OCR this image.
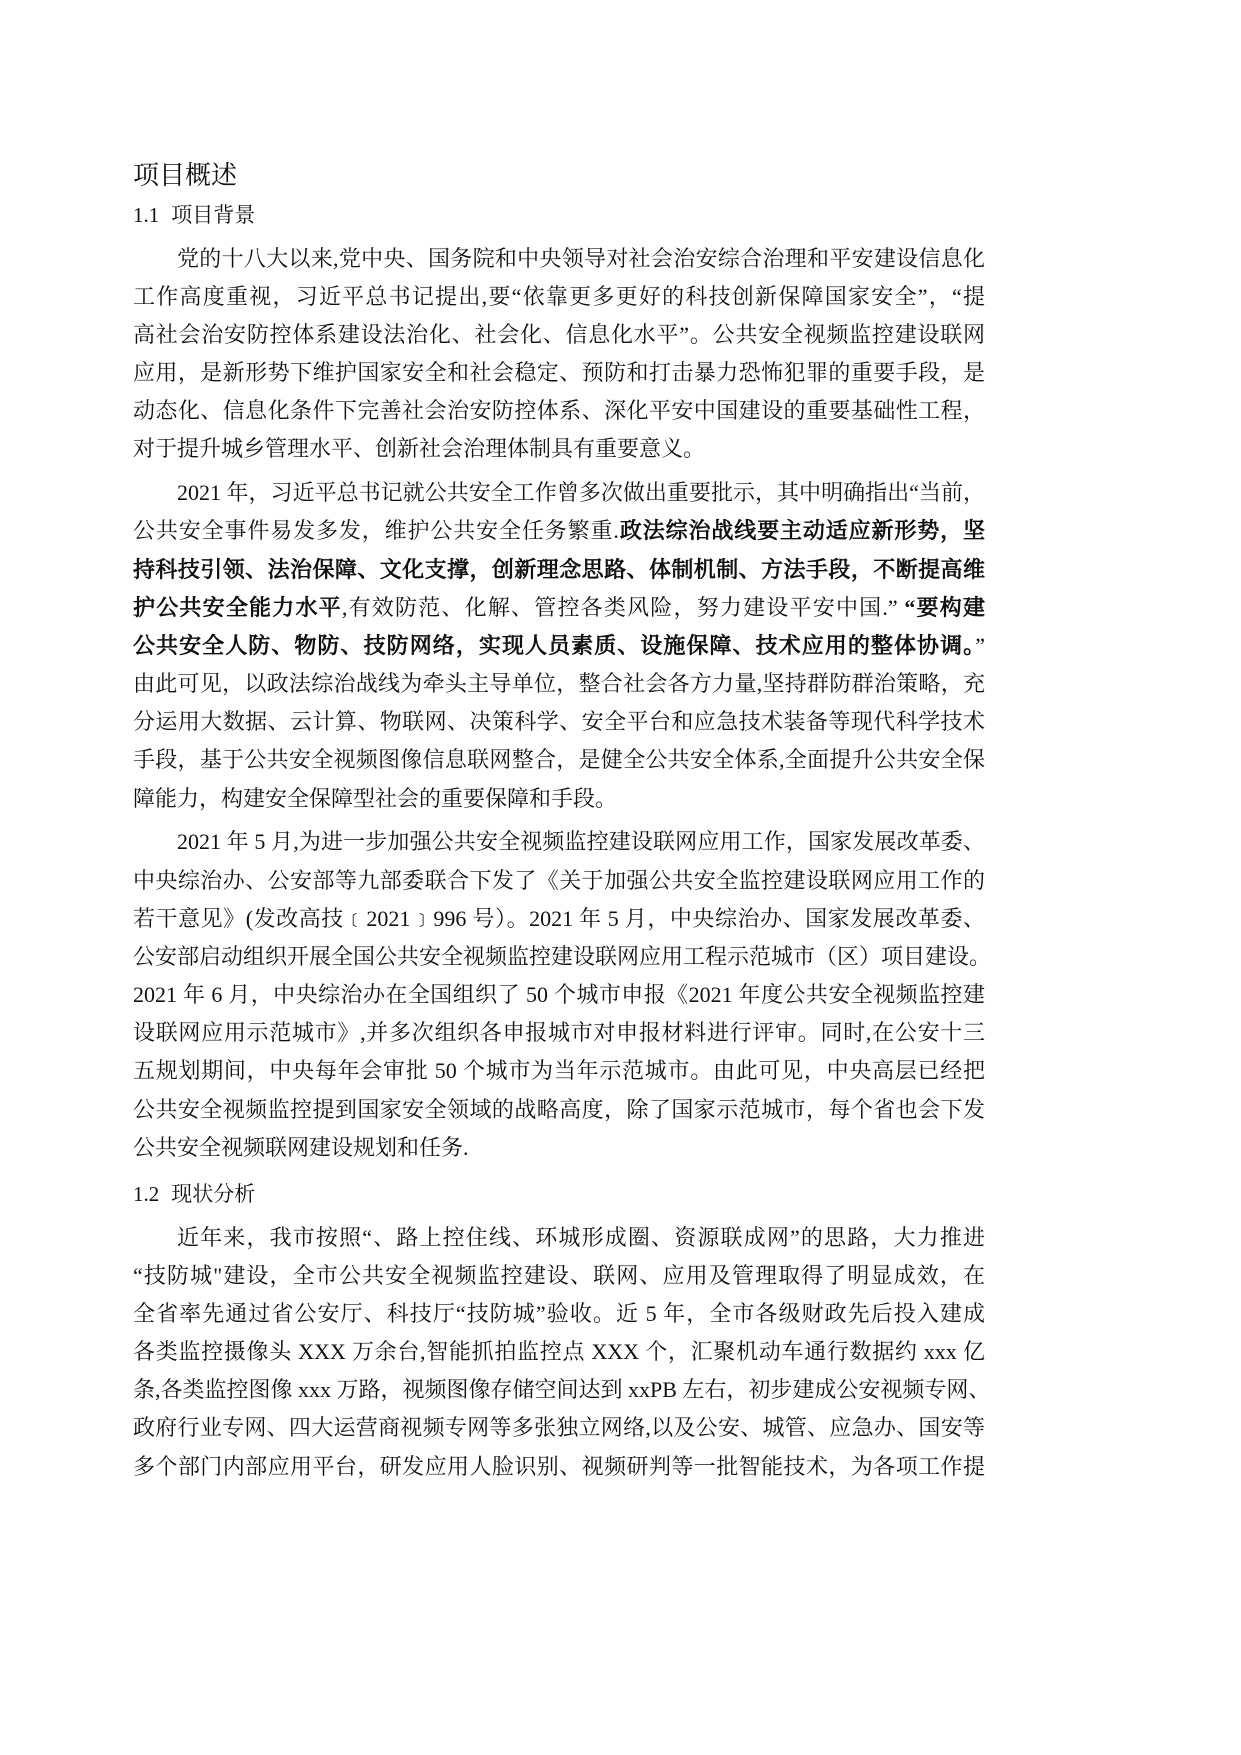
项目概述
1.1 项目背景
党的十八大以来,党中央、国务院和中央领导对社会治安综合治理和平安建设信息化
工作高度重视，习近平总书记提出,要“依靠更多更好的科技创新保障国家安全”，“提
高社会治安防控体系建设法治化、社会化、信息化水平”。公共安全视频监控建设联网
应用，是新形势下维护国家安全和社会稳定、预防和打击暴力恐怖犯罪的重要手段，是
动态化、信息化条件下完善社会治安防控体系、深化平安中国建设的重要基础性工程，
对于提升城乡管理水平、创新社会治理体制具有重要意义。
2021 年，习近平总书记就公共安全工作曾多次做出重要批示，其中明确指出“当前，
公共安全事件易发多发，维护公共安全任务繁重.政法综治战线要主动适应新形势，坚
持科技引领、法治保障、文化支撑，创新理念思路、体制机制、方法手段，不断提高维
护公共安全能力水平,有效防范、化解、管控各类风险，努力建设平安中国.” “要构建
公共安全人防、物防、技防网络，实现人员素质、设施保障、技术应用的整体协调。”
由此可见，以政法综治战线为牵头主导单位，整合社会各方力量,坚持群防群治策略，充
分运用大数据、云计算、物联网、决策科学、安全平台和应急技术装备等现代科学技术
手段，基于公共安全视频图像信息联网整合，是健全公共安全体系,全面提升公共安全保
障能力，构建安全保障型社会的重要保障和手段。
2021 年 5 月,为进一步加强公共安全视频监控建设联网应用工作，国家发展改革委、
中央综治办、公安部等九部委联合下发了《关于加强公共安全监控建设联网应用工作的
若干意见》(发改高技﹝2021﹞996 号）。2021 年 5 月，中央综治办、国家发展改革委、
公安部启动组织开展全国公共安全视频监控建设联网应用工程示范城市（区）项目建设。
2021 年 6 月，中央综治办在全国组织了 50 个城市申报《2021 年度公共安全视频监控建
设联网应用示范城市》,并多次组织各申报城市对申报材料进行评审。同时,在公安十三
五规划期间，中央每年会审批 50 个城市为当年示范城市。由此可见，中央高层已经把
公共安全视频监控提到国家安全领域的战略高度，除了国家示范城市，每个省也会下发
公共安全视频联网建设规划和任务.
1.2 现状分析
近年来，我市按照“、路上控住线、环城形成圈、资源联成网”的思路，大力推进
“技防城"建设，全市公共安全视频监控建设、联网、应用及管理取得了明显成效，在
全省率先通过省公安厅、科技厅“技防城”验收。近 5 年，全市各级财政先后投入建成
各类监控摄像头 XXX 万余台,智能抓拍监控点 XXX 个，汇聚机动车通行数据约 xxx 亿
条,各类监控图像 xxx 万路，视频图像存储空间达到 xxPB 左右，初步建成公安视频专网、
政府行业专网、四大运营商视频专网等多张独立网络,以及公安、城管、应急办、国安等
多个部门内部应用平台，研发应用人脸识别、视频研判等一批智能技术，为各项工作提
